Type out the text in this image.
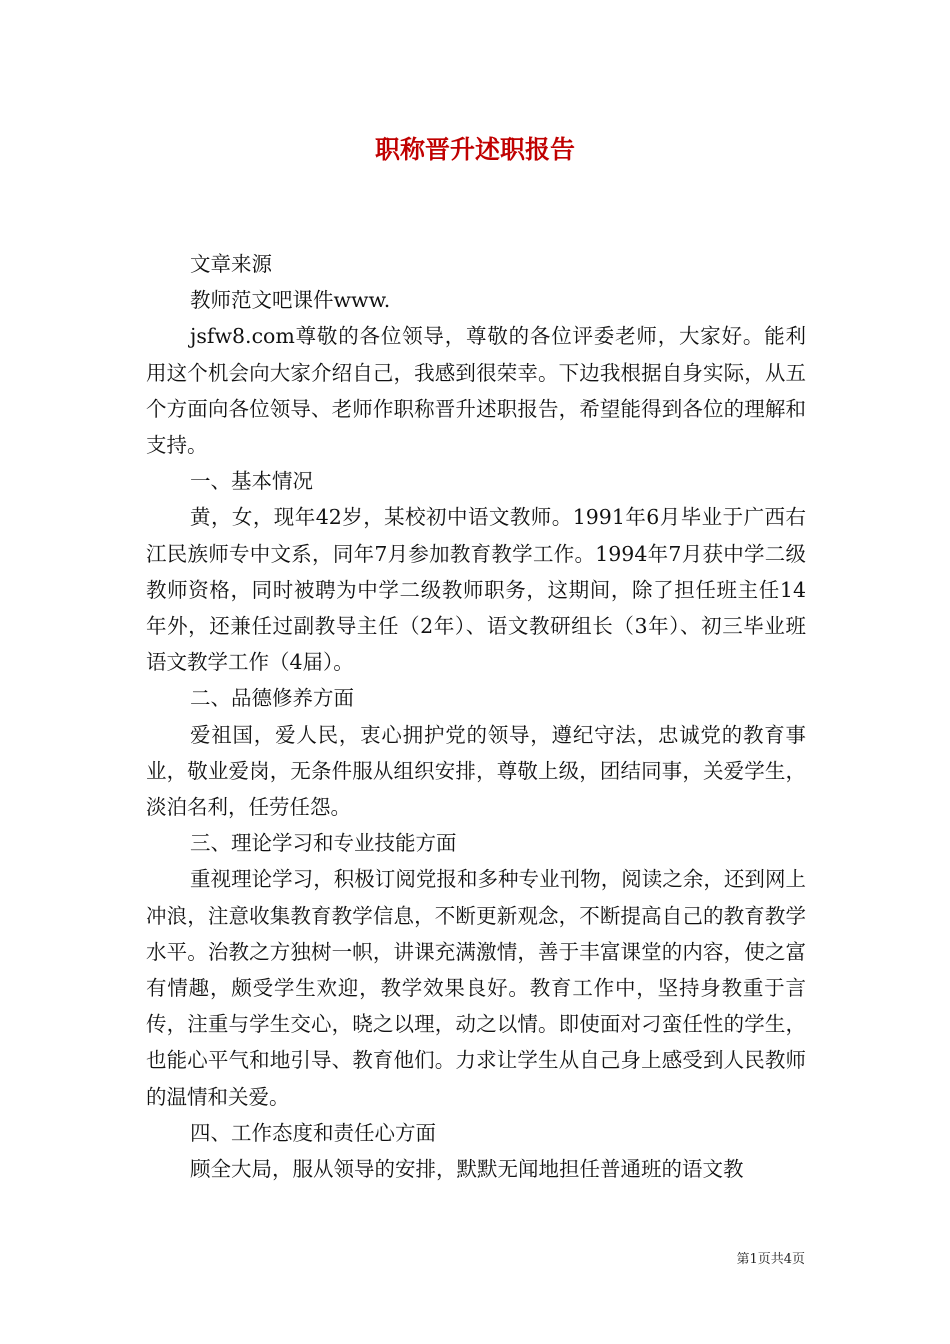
职称晋升述职报告

文章来源

教师范文吧课件www.

jsfw8.com尊敬的各位领导，尊敬的各位评委老师，大家好。能利用这个机会向大家介绍自己，我感到很荣幸。下边我根据自身实际，从五个方面向各位领导、老师作职称晋升述职报告，希望能得到各位的理解和支持。

一、基本情况

黄，女，现年42岁，某校初中语文教师。1991年6月毕业于广西右江民族师专中文系，同年7月参加教育教学工作。1994年7月获中学二级教师资格，同时被聘为中学二级教师职务，这期间，除了担任班主任14年外，还兼任过副教导主任（2年）、语文教研组长（3年）、初三毕业班语文教学工作（4届）。

二、品德修养方面

爱祖国，爱人民，衷心拥护党的领导，遵纪守法，忠诚党的教育事业，敬业爱岗，无条件服从组织安排，尊敬上级，团结同事，关爱学生，淡泊名利，任劳任怨。

三、理论学习和专业技能方面

重视理论学习，积极订阅党报和多种专业刊物，阅读之余，还到网上冲浪，注意收集教育教学信息，不断更新观念，不断提高自己的教育教学水平。治教之方独树一帜，讲课充满激情，善于丰富课堂的内容，使之富有情趣，颇受学生欢迎，教学效果良好。教育工作中，坚持身教重于言传，注重与学生交心，晓之以理，动之以情。即使面对刁蛮任性的学生，也能心平气和地引导、教育他们。力求让学生从自己身上感受到人民教师的温情和关爱。

四、工作态度和责任心方面

顾全大局，服从领导的安排，默默无闻地担任普通班的语文教

第1页共4页
